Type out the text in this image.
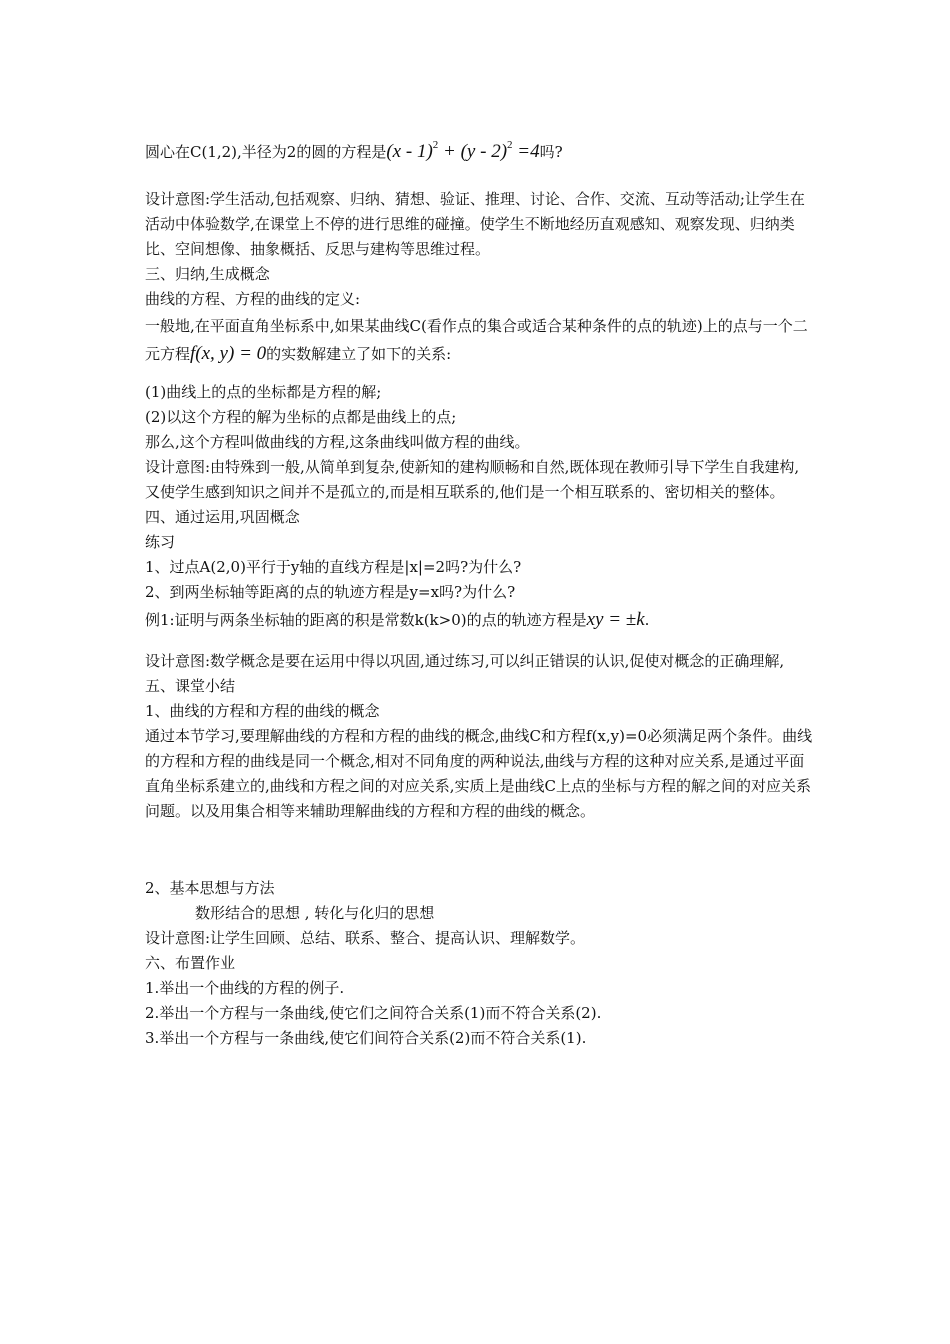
圆心在C(1,2),半径为2的圆的方程是(x - 1)$^2$ + (y - 2)$^2$ =4吗?

设计意图:学生活动,包括观察、归纳、猜想、验证、推理、讨论、合作、交流、互动等活动;让学生在活动中体验数学,在课堂上不停的进行思维的碰撞。使学生不断地经历直观感知、观察发现、归纳类比、空间想像、抽象概括、反思与建构等思维过程。

三、归纳,生成概念

曲线的方程、方程的曲线的定义:

一般地,在平面直角坐标系中,如果某曲线C(看作点的集合或适合某种条件的点的轨迹)上的点与一个二元方程f(x, y) = 0的实数解建立了如下的关系:

(1)曲线上的点的坐标都是方程的解;

(2)以这个方程的解为坐标的点都是曲线上的点;

那么,这个方程叫做曲线的方程,这条曲线叫做方程的曲线。

设计意图:由特殊到一般,从简单到复杂,使新知的建构顺畅和自然,既体现在教师引导下学生自我建构,又使学生感到知识之间并不是孤立的,而是相互联系的,他们是一个相互联系的、密切相关的整体。

四、通过运用,巩固概念

练习

1、过点A(2,0)平行于y轴的直线方程是|x|=2吗?为什么?

2、到两坐标轴等距离的点的轨迹方程是y=x吗?为什么?

例1:证明与两条坐标轴的距离的积是常数k(k>0)的点的轨迹方程是xy = ±k.

设计意图:数学概念是要在运用中得以巩固,通过练习,可以纠正错误的认识,促使对概念的正确理解,

五、课堂小结

1、曲线的方程和方程的曲线的概念

通过本节学习,要理解曲线的方程和方程的曲线的概念,曲线C和方程f(x,y)=0必须满足两个条件。曲线的方程和方程的曲线是同一个概念,相对不同角度的两种说法,曲线与方程的这种对应关系,是通过平面直角坐标系建立的,曲线和方程之间的对应关系,实质上是曲线C上点的坐标与方程的解之间的对应关系问题。以及用集合相等来辅助理解曲线的方程和方程的曲线的概念。

2、基本思想与方法

数形结合的思想 , 转化与化归的思想

设计意图:让学生回顾、总结、联系、整合、提高认识、理解数学。

六、布置作业

1.举出一个曲线的方程的例子.

2.举出一个方程与一条曲线,使它们之间符合关系(1)而不符合关系(2).

3.举出一个方程与一条曲线,使它们间符合关系(2)而不符合关系(1).
